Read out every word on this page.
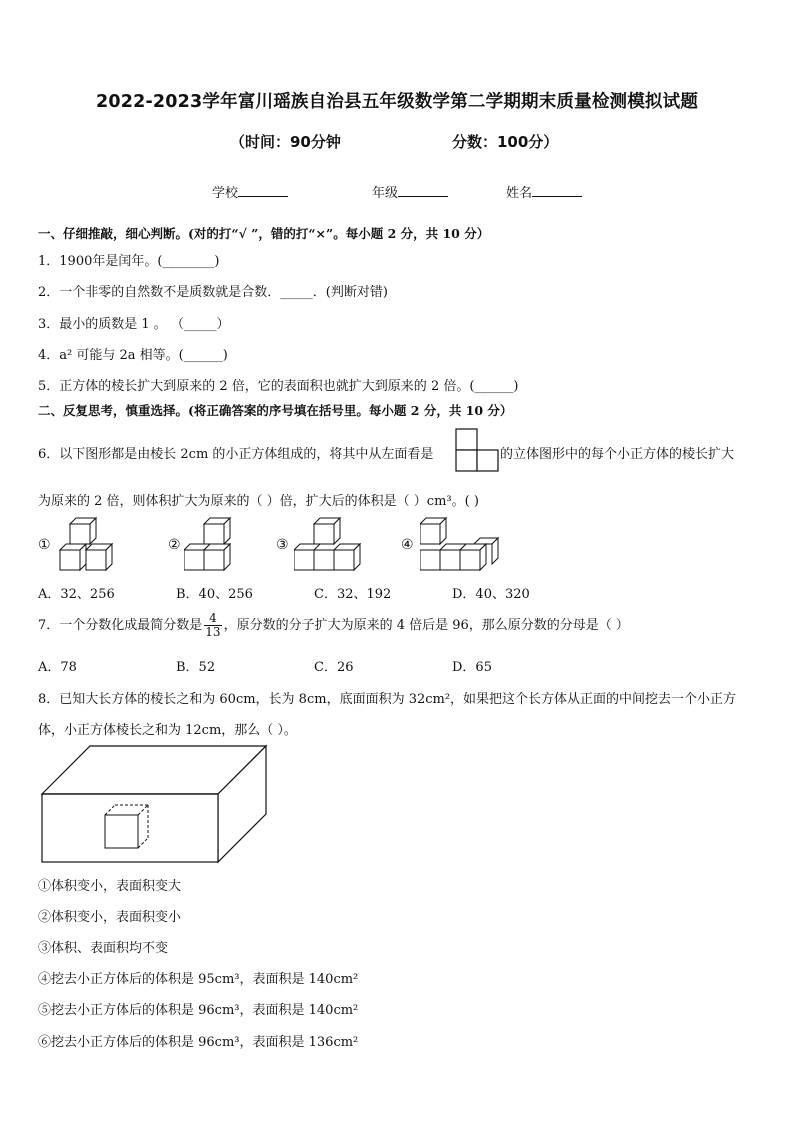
2022-2023学年富川瑶族自治县五年级数学第二学期期末质量检测模拟试题
（时间：90分钟	分数：100分）
学校	年级	姓名
一、仔细推敲，细心判断。(对的打“√ ”，错的打“×”。每小题 2 分，共 10 分）
1．1900年是闰年。(________)
2．一个非零的自然数不是质数就是合数．_____．(判断对错)
3．最小的质数是 1 。 （_____）
4．a² 可能与 2a 相等。(______)
5．正方体的棱长扩大到原来的 2 倍，它的表面积也就扩大到原来的 2 倍。(______)
二、反复思考，慎重选择。(将正确答案的序号填在括号里。每小题 2 分，共 10 分）
6．以下图形都是由棱长 2cm 的小正方体组成的，将其中从左面看是	的立体图形中的每个小正方体的棱长扩大
为原来的 2 倍，则体积扩大为原来的（ ）倍，扩大后的体积是（ ）cm³。( )
①	②	③	④
A．32、256	B．40、256	C．32、192	D．40、320
7．一个分数化成最简分数是 $\frac{4}{13}$ ，原分数的分子扩大为原来的 4 倍后是 96，那么原分数的分母是（ ）
A．78	B．52	C．26	D．65
8．已知大长方体的棱长之和为 60cm，长为 8cm，底面面积为 32cm²，如果把这个长方体从正面的中间挖去一个小正方
体，小正方体棱长之和为 12cm，那么（ ）。
①体积变小，表面积变大
②体积变小，表面积变小
③体积、表面积均不变
④挖去小正方体后的体积是 95cm³，表面积是 140cm²
⑤挖去小正方体后的体积是 96cm³，表面积是 140cm²
⑥挖去小正方体后的体积是 96cm³，表面积是 136cm²
